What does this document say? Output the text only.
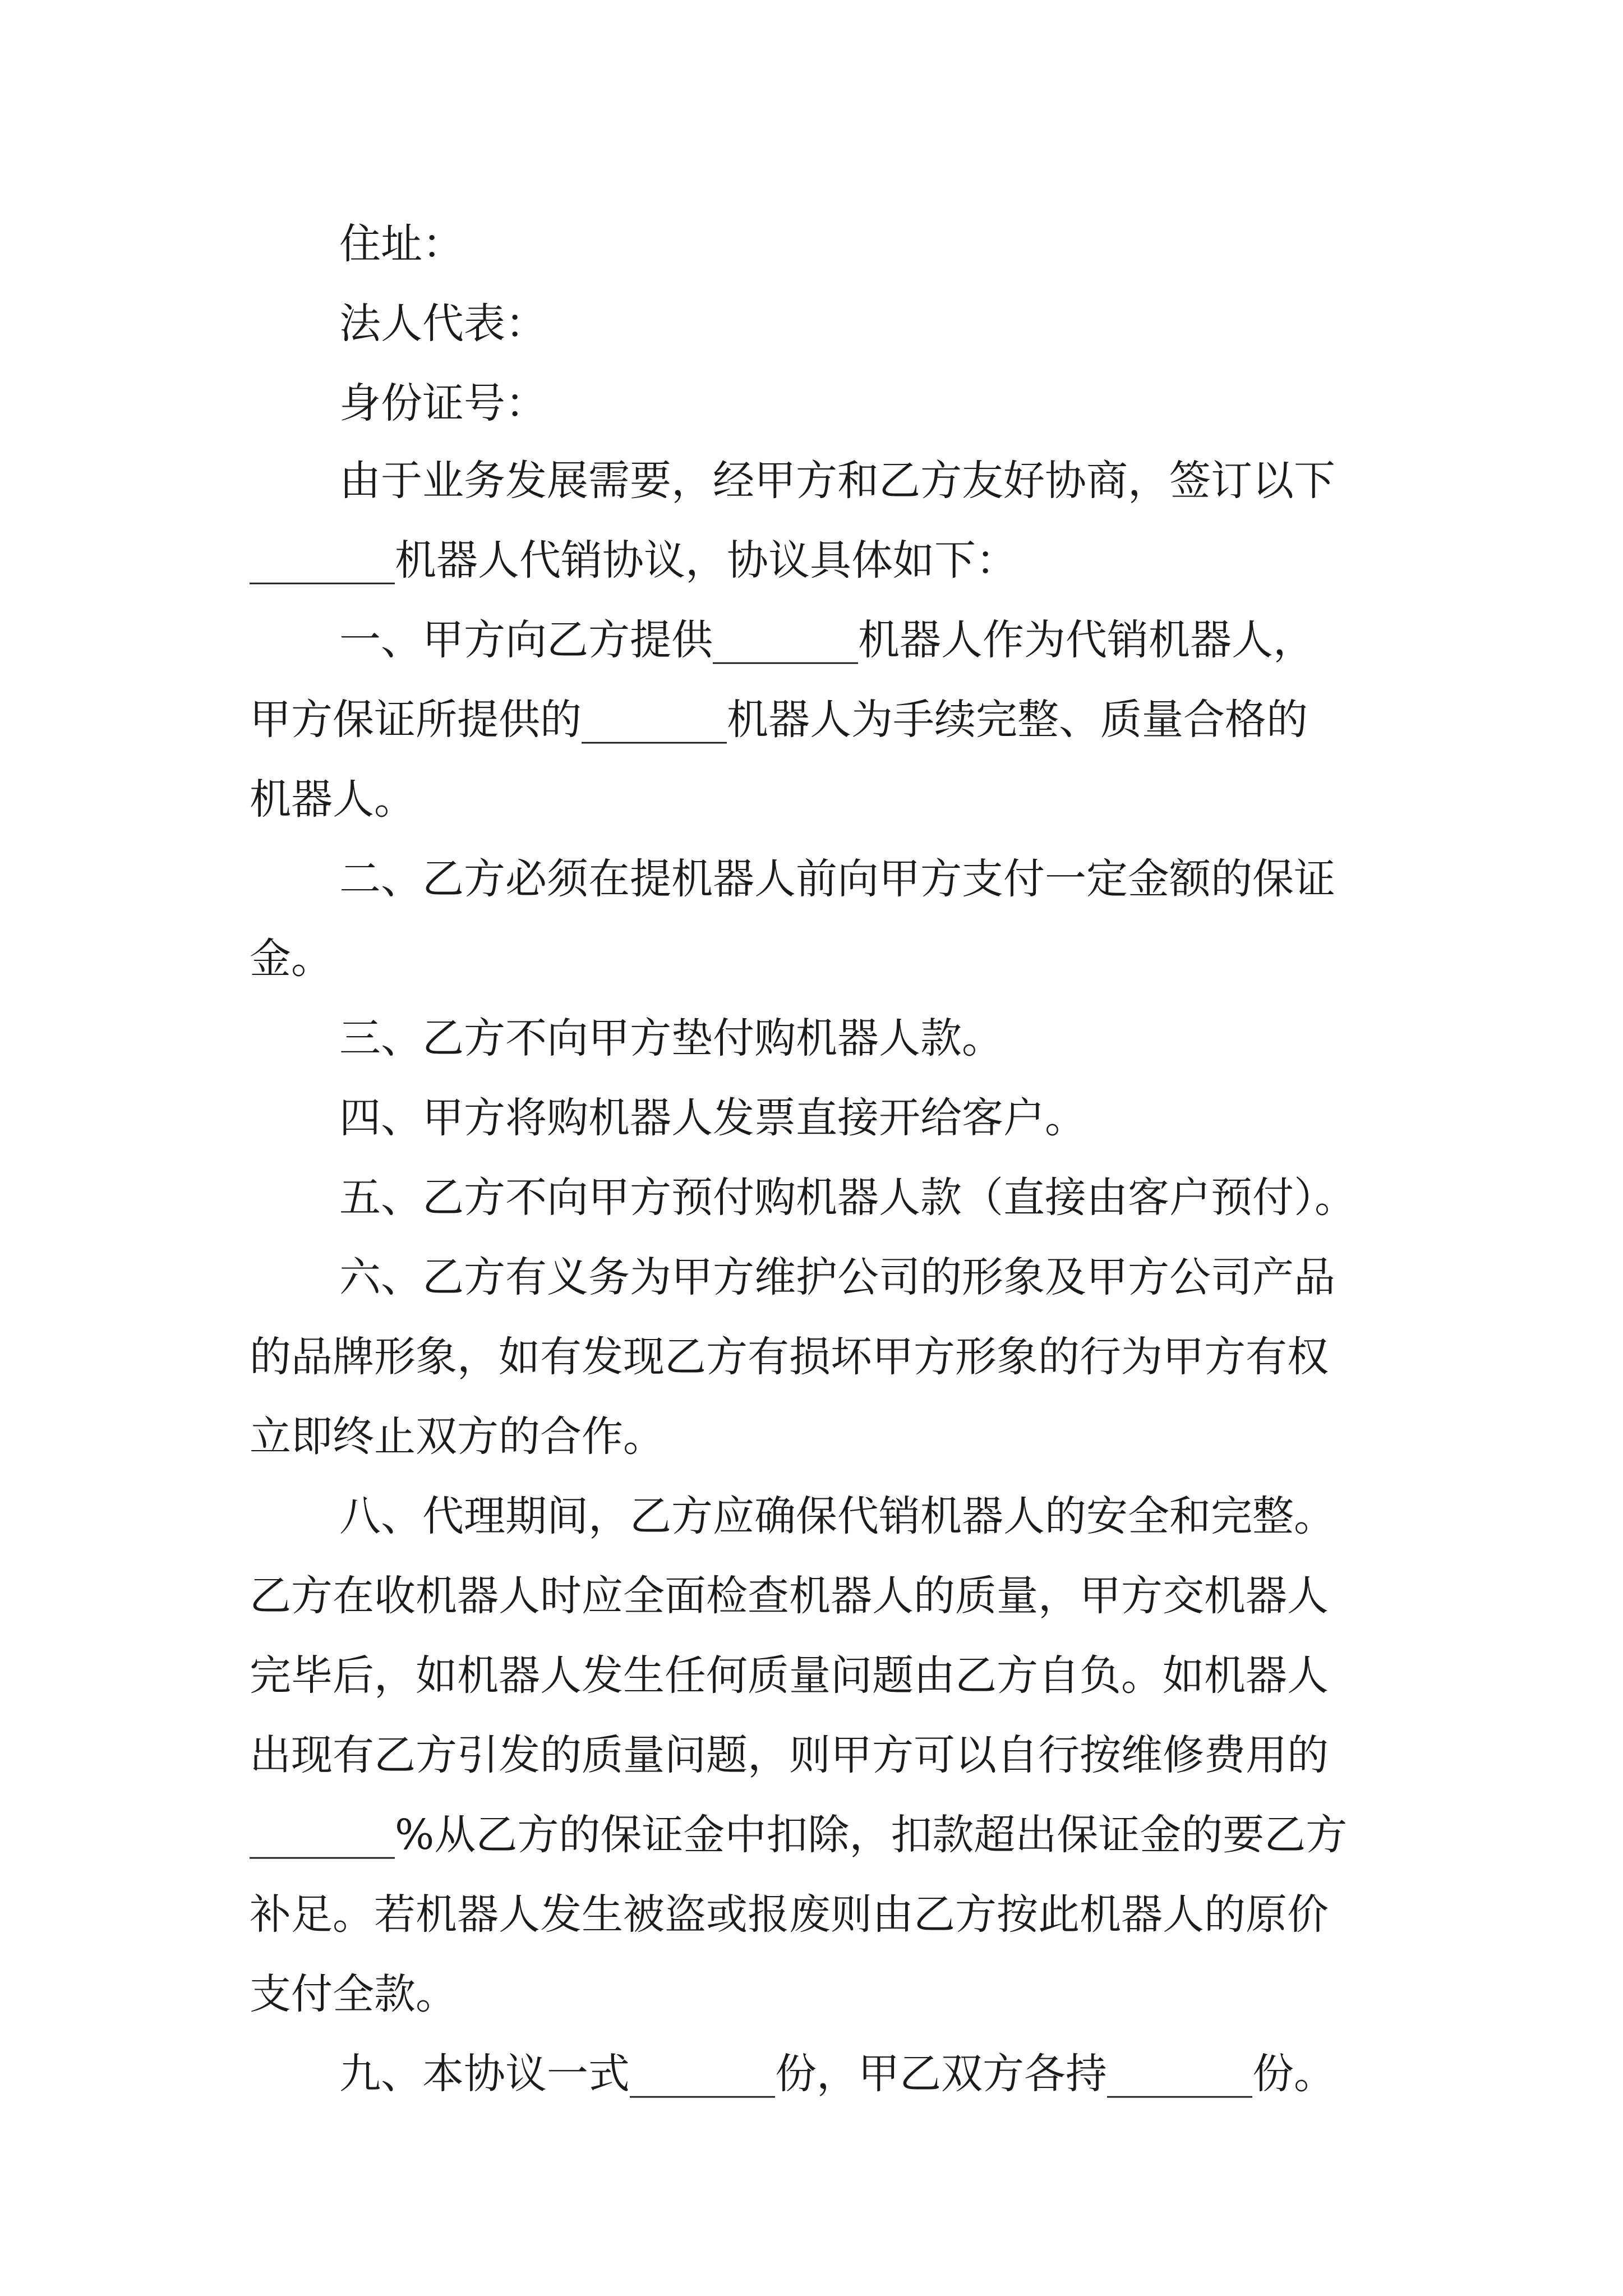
住址：

法人代表：

身份证号：

由于业务发展需要，经甲方和乙方友好协商，签订以下

_______机器人代销协议，协议具体如下：

一、甲方向乙方提供_______机器人作为代销机器人，

甲方保证所提供的_______机器人为手续完整、质量合格的

机器人。

二、乙方必须在提机器人前向甲方支付一定金额的保证

金。

三、乙方不向甲方垫付购机器人款。

四、甲方将购机器人发票直接开给客户。

五、乙方不向甲方预付购机器人款（直接由客户预付）。

六、乙方有义务为甲方维护公司的形象及甲方公司产品

的品牌形象，如有发现乙方有损坏甲方形象的行为甲方有权

立即终止双方的合作。

八、代理期间，乙方应确保代销机器人的安全和完整。

乙方在收机器人时应全面检查机器人的质量，甲方交机器人

完毕后，如机器人发生任何质量问题由乙方自负。如机器人

出现有乙方引发的质量问题，则甲方可以自行按维修费用的

_______%从乙方的保证金中扣除，扣款超出保证金的要乙方

补足。若机器人发生被盗或报废则由乙方按此机器人的原价

支付全款。

九、本协议一式_______份，甲乙双方各持_______份。
